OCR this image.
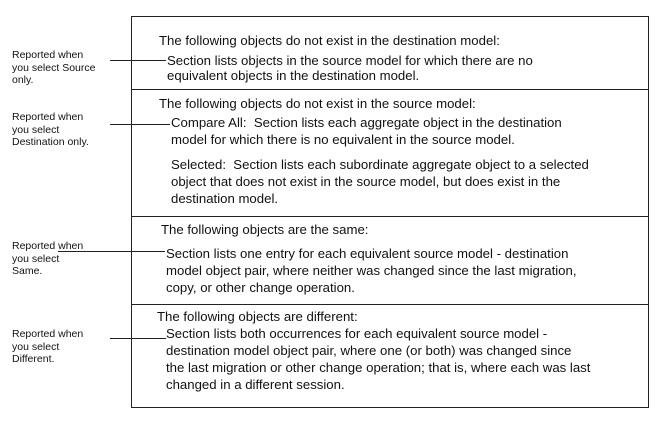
The following objects do not exist in the destination model:
Section lists objects in the source model for which there are no
equivalent objects in the destination model.
Reported when
you select Source
only.
The following objects do not exist in the source model:
Compare All:  Section lists each aggregate object in the destination
model for which there is no equivalent in the source model.
Selected:  Section lists each subordinate aggregate object to a selected
object that does not exist in the source model, but does exist in the
destination model.
Reported when
you select
Destination only.
The following objects are the same:
Section lists one entry for each equivalent source model - destination
model object pair, where neither was changed since the last migration,
copy, or other change operation.
Reported when
you select
Same.
The following objects are different:
Section lists both occurrences for each equivalent source model -
destination model object pair, where one (or both) was changed since
the last migration or other change operation; that is, where each was last
changed in a different session.
Reported when
you select
Different.
